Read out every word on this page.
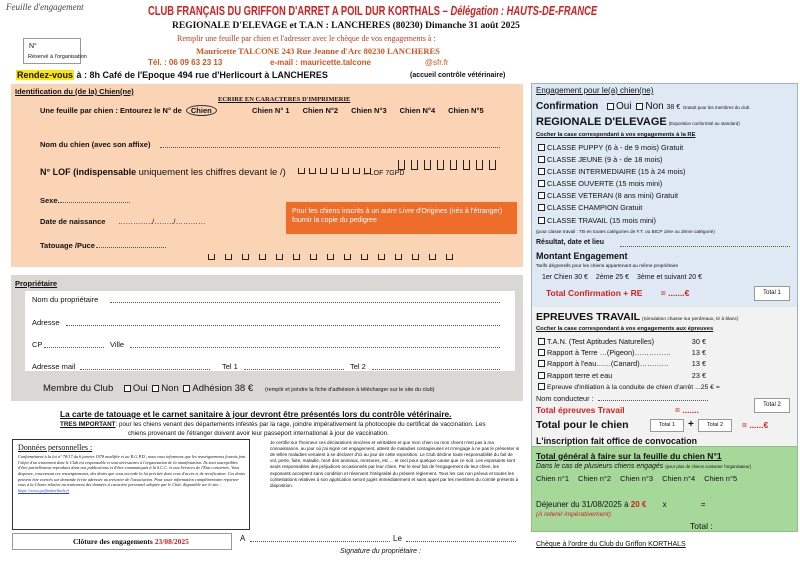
Feuille d'engagement
N°
Réservé à l'organisation
CLUB FRANÇAIS DU GRIFFON D'ARRET A POIL DUR KORTHALS – Délégation : HAUTS-DE-FRANCE
REGIONALE D'ELEVAGE et T.A.N : LANCHERES (80230) Dimanche 31 août 2025
Remplir une feuille par chien et l'adresser avec le chèque de vos engagements à :
Mauricette TALCONE 243 Rue Jeanne d'Arc 80230 LANCHERES
Tél. : 06 09 63 23 13	e-mail : mauricette.talcone	@sfr.fr
Rendez-vous à : 8h Café de l'Epoque 494 rue d'Herlicourt à LANCHERES	(accueil contrôle vétérinaire)
Identification du (de la) Chien(ne)
ECRIRE EN CARACTERES D'IMPRIMERIE
Une feuille par chien : Entourez le N° de Chien	Chien N° 1 Chien N°2 Chien N°3 Chien N°4 Chien N°5
Nom du chien (avec son affixe)
N° LOF (indispensable uniquement les chiffres devant le /)	... LOF 7GPD
Sexe.
Date de naissance …………../……../…………
Pour les chiens inscrits à un autre Livre d'Origines (nés à l'étranger) fournir la copie du pedigree
Tatouage /Puce
Propriétaire
Nom du propriétaire
Adresse
CP	Ville
Adresse mail	Tel 1	Tel 2
Membre du Club Oui Non Adhésion 38 € (remplir et joindre la fiche d'adhésion à télécharger sur le site du club)
La carte de tatouage et le carnet sanitaire à jour devront être présentés lors du contrôle vétérinaire.
TRES IMPORTANT: pour les chiens venant des départements infestés par la rage, joindre impérativement la photocopie du certificat de vaccination. Les
chiens provenant de l'étranger doivent avoir leur passeport international à jour de vaccination.
Données personnelles :
Conformément à la loi n° 78/17 du 6 janvier 1978 modifiée et au R.G.P.D., nous vous informons que les renseignements fournis font l'objet d'un traitement dont le Club est responsable et sont nécessaires à l'organisation de la manifestation. Ils sont susceptibles d'être partiellement reproduits dans nos publications et d'être communiqués à la S.C.C. et aux Services de l'Etat concernés. Vous disposez, concernant ces renseignements, des droits que vous accorde la loi précitée dont ceux d'accès et de rectification. Ces droits peuvent être exercés sur demande écrite adressée au trésorier de l'association. Pour toute information complémentaire reportez-vous à la Charte relative au traitement des données à caractère personnel adoptée par le Club, disponible sur le site : https://www.griffonkorthals.fr
Je certifie sur l'honneur ces déclarations sincères et véritables et que mon chien ou mon chient n'est pas à ma connaissance, au jour où j'ai signé cet engagement, atteint de maladies contagieuses et m'engage à ne pas le présenter si de telles maladies venaient à se déclarer d'ici au jour de cette exposition. Le Club décline toute responsabilité du fait de vol, perte, fuite, maladie, mort des animaux, morsures, etc.... et ceci pour quelque cause que ce soit. Les exposants sont seuls responsables des préjudices occasionnés par leur chien. Par le seul fait de l'engagement de leur chien, les exposants acceptent sans condition et réservent l'intégralité du présent règlement. Tous les cas non prévus et toutes les contestations relatives à son application seront jugés immédiatement et sans appel par les membres du comité présents à disposition.
Clôture des engagements 23/08/2025	A	Le
Signature du propriétaire :
Engagement pour le(a) chien(ne)
Confirmation Oui Non 38 € Gratuit pour les membres du club
REGIONALE D'ELEVAGE (Exposition conformité au standard)
Cocher la case correspondant à vos engagements à la RE
CLASSE PUPPY (6 à - de 9 mois) Gratuit
CLASSE JEUNE (9 à - de 18 mois)
CLASSE INTERMEDIAIRE (15 à 24 mois)
CLASSE OUVERTE (15 mois mini)
CLASSE VETERAN (8 ans mini) Gratuit
CLASSE CHAMPION Gratuit
CLASSE TRAVAIL (15 mois mini)
(pour classe travail : TB en toutes catégories de F.T. ou BICP 1ère ou 2ème catégorie)
Résultat, date et lieu
Montant Engagement
Tarifs dégressifs pour les chiens appartenant au même propriétaire
1er Chien 30 € 2ème 25 € 3ème et suivant 20 €
Total Confirmation + RE = .......€	Total 1
EPREUVES TRAVAIL (Simulation chasse sur perdreaux, tir à blanc)
Cocher la case correspondant à vos engagements aux épreuves
T.A.N. (Test Aptitudes Naturelles)	30 €
Rapport à Terre …(Pigeon)……………	13 €
Rapport à l'eau……(Canard)…………	13 €
Rapport terre et eau	23 €
Epreuve d'initiation à la conduite de chien d'arrêt ...25 € =
Nom conducteur :
Total épreuves Travail	= .......	Total 2
Total pour le chien	Total 1	+	Total 2	= ......€
L'inscription fait office de convocation
Total général à faire sur la feuille du chien N°1
Dans le cas de plusieurs chiens engagés (pour plus de chiens contacter l'organisateur)
Chien n°1 Chien n°2 Chien n°3 Chien n°4 Chien n°5
Déjeuner du 31/08/2025 à 20 € x	=
(A retenir impérativement)
Total :
Chèque à l'ordre du Club du Griffon KORTHALS
